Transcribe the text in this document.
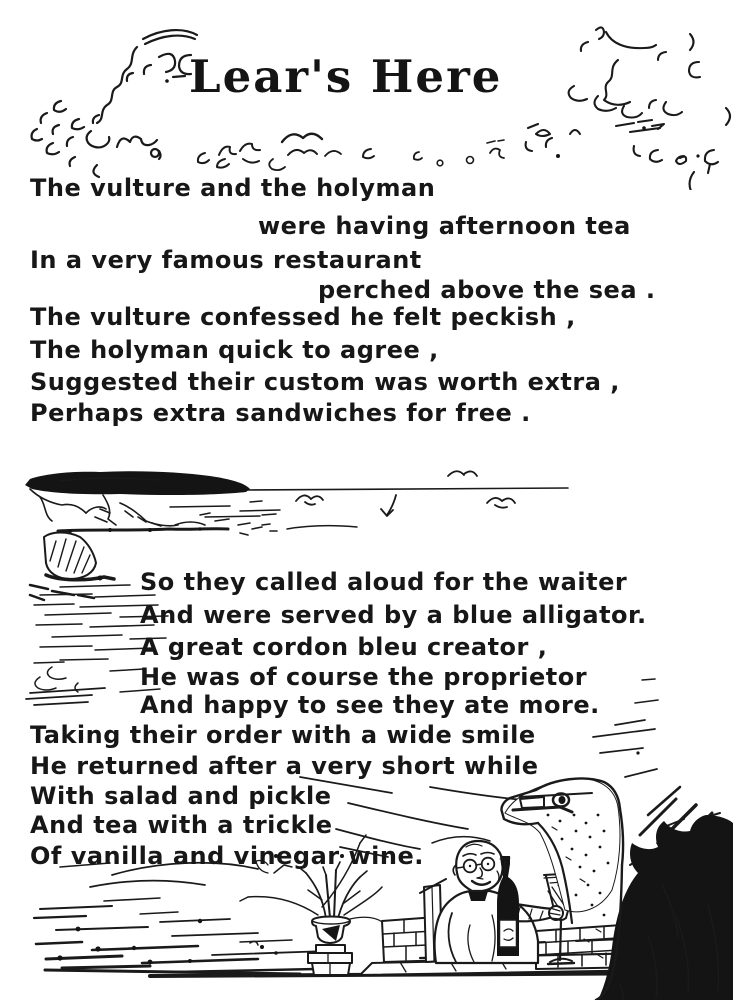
Lear's Here
The vulture and the holyman
were having afternoon tea
In a very famous restaurant
perched above the sea .
The vulture confessed he felt peckish ,
The holyman quick to agree ,
Suggested their custom was worth extra ,
Perhaps extra sandwiches for free .
So they called aloud for the waiter
And were served by a blue alligator.
A great cordon bleu creator ,
He was of course the proprietor
And happy to see they ate more.
Taking their order with a wide smile
He returned after a very short while
With salad and pickle
And tea with a trickle
Of vanilla and vinegar wine.
